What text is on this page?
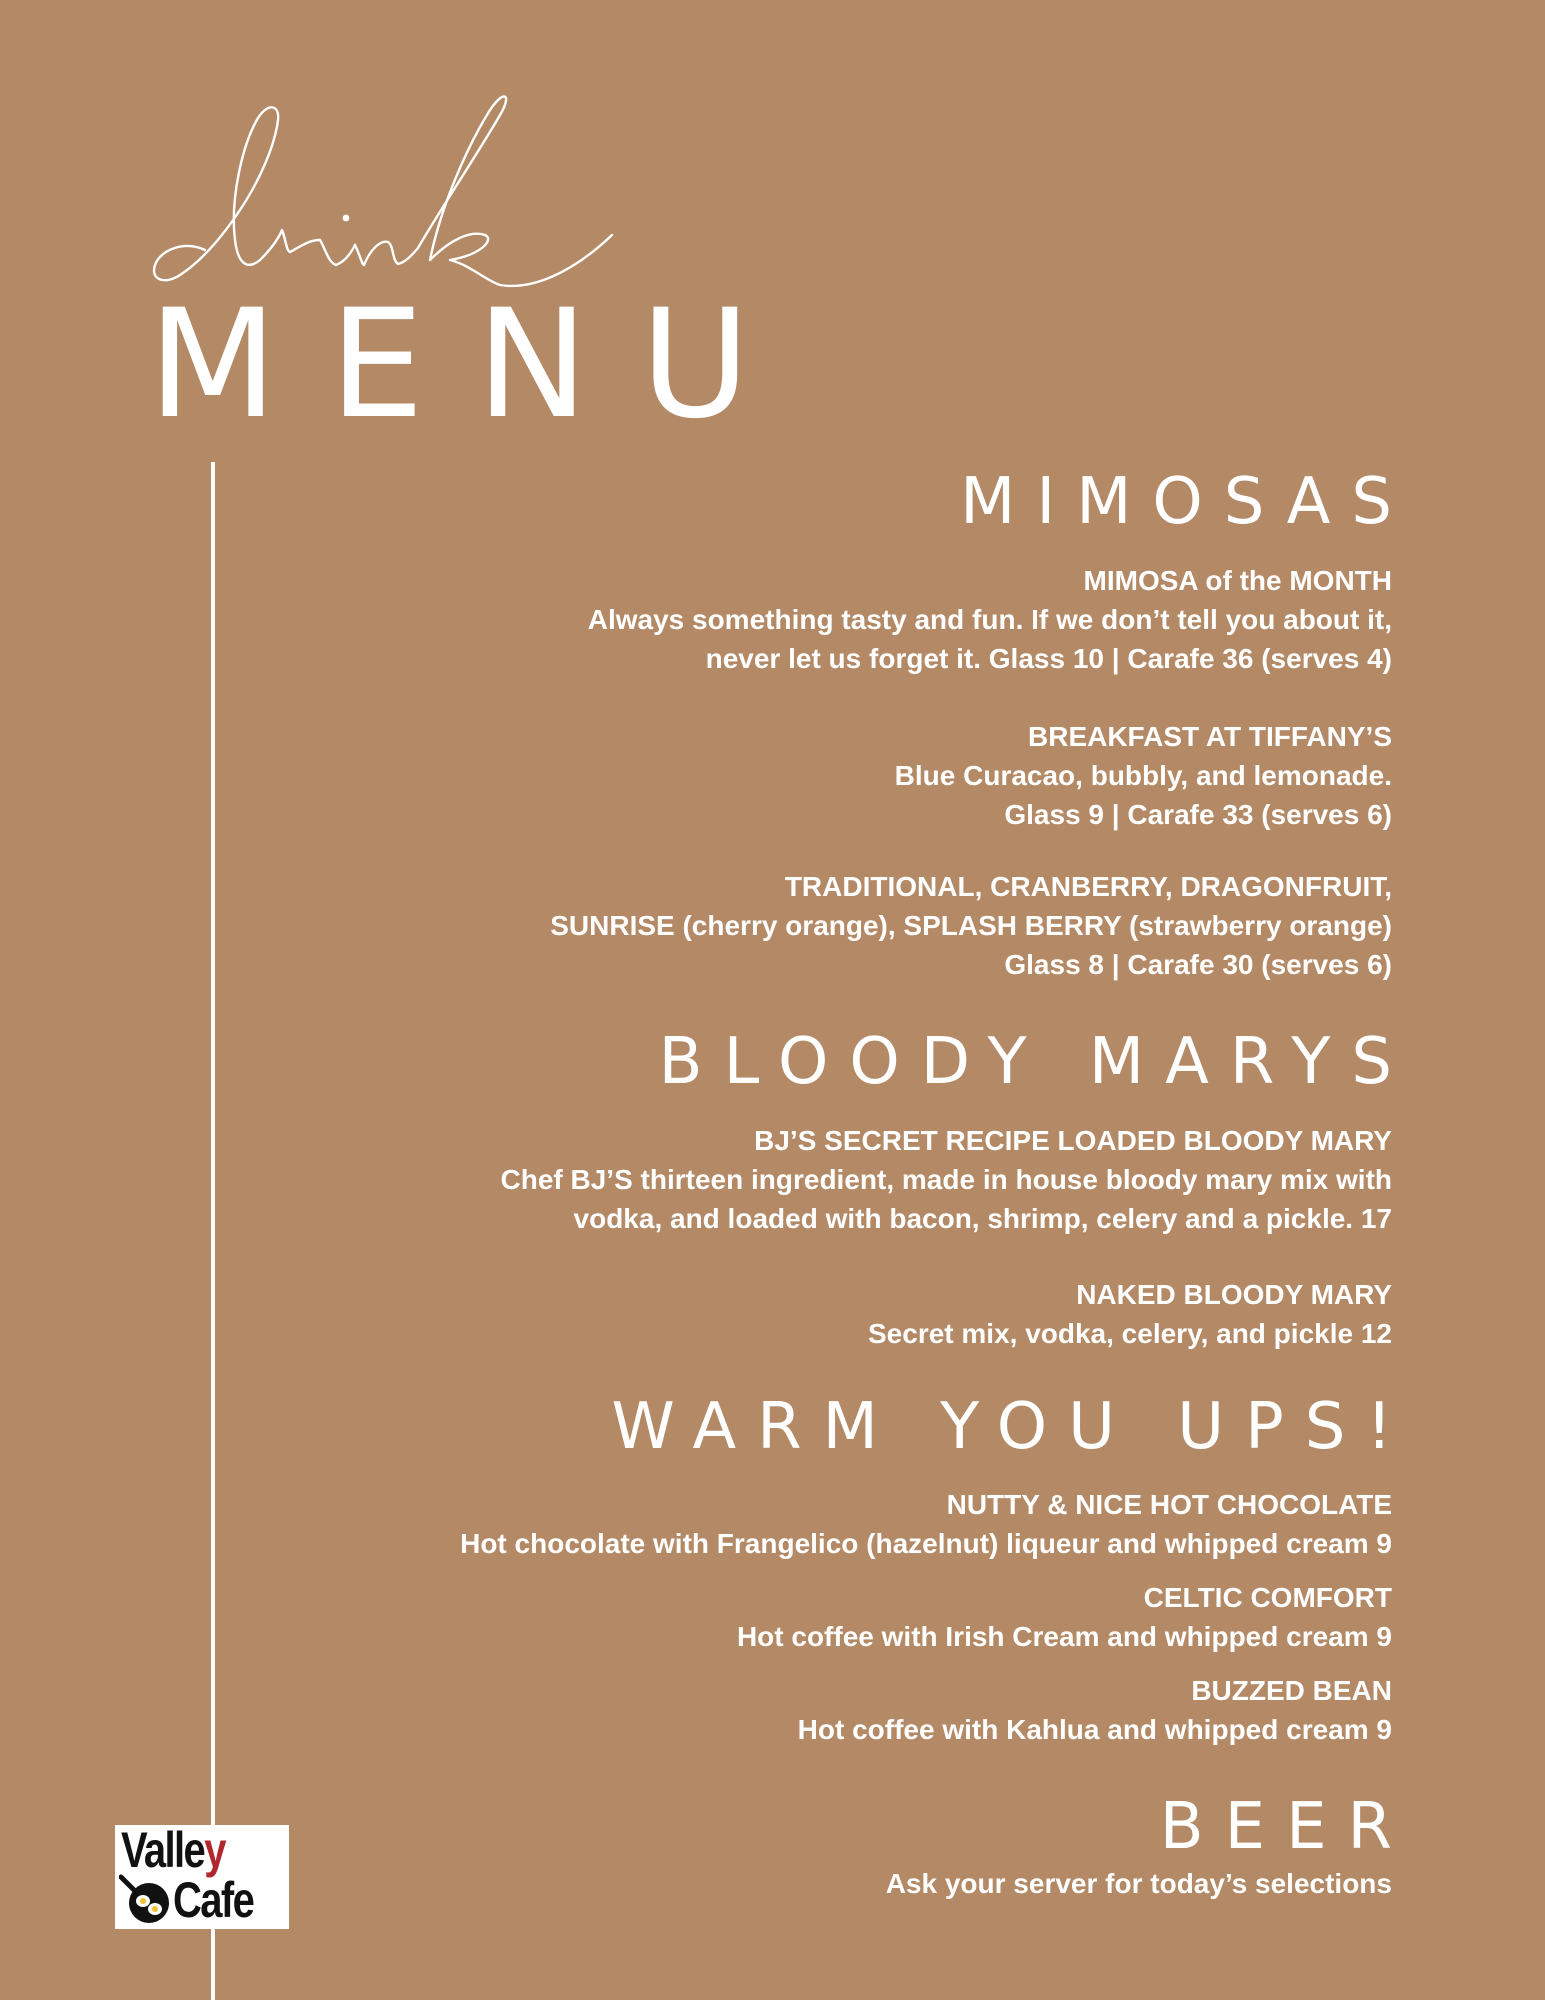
MENU
MIMOSAS
MIMOSA of the MONTH
Always something tasty and fun. If we don’t tell you about it,
never let us forget it. Glass 10 | Carafe 36 (serves 4)
BREAKFAST AT TIFFANY’S
Blue Curacao, bubbly, and lemonade.
Glass 9 | Carafe 33 (serves 6)
TRADITIONAL, CRANBERRY, DRAGONFRUIT,
SUNRISE (cherry orange), SPLASH BERRY (strawberry orange)
Glass 8 | Carafe 30 (serves 6)
BLOODY MARYS
BJ’S SECRET RECIPE LOADED BLOODY MARY
Chef BJ’S thirteen ingredient, made in house bloody mary mix with
vodka, and loaded with bacon, shrimp, celery and a pickle. 17
NAKED BLOODY MARY
Secret mix, vodka, celery, and pickle 12
WARM YOU UPS!
NUTTY & NICE HOT CHOCOLATE
Hot chocolate with Frangelico (hazelnut) liqueur and whipped cream 9
CELTIC COMFORT
Hot coffee with Irish Cream and whipped cream 9
BUZZED BEAN
Hot coffee with Kahlua and whipped cream 9
BEER
Ask your server for today’s selections
Valley
Cafe
